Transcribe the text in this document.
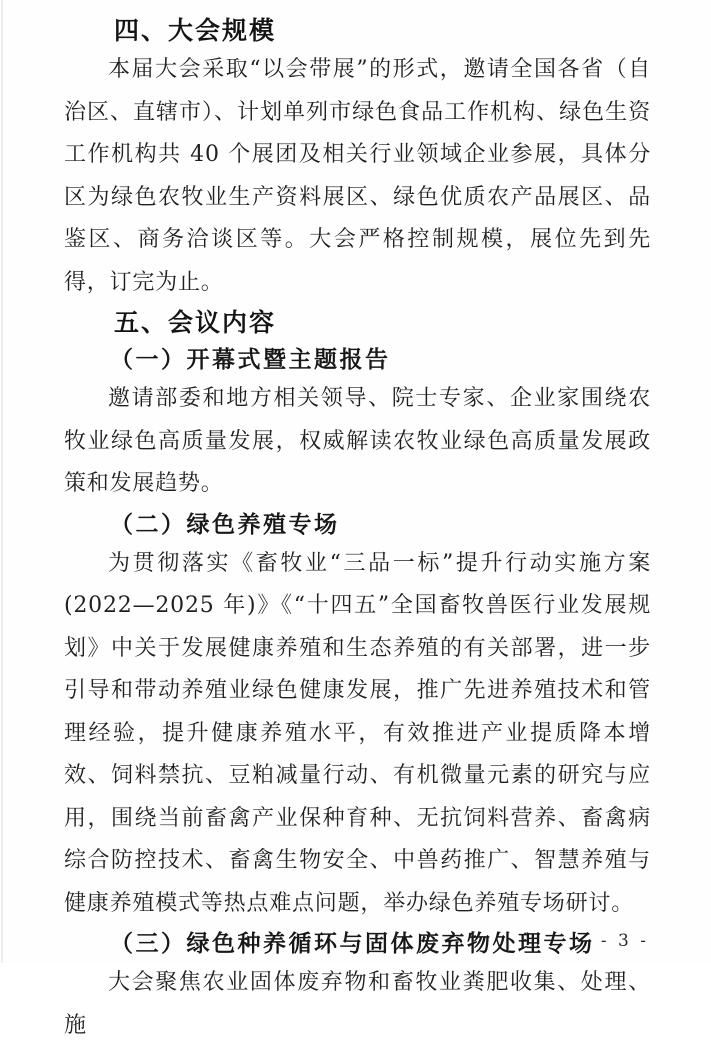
四、大会规模

本届大会采取“以会带展”的形式，邀请全国各省（自治区、直辖市）、计划单列市绿色食品工作机构、绿色生资工作机构共 40 个展团及相关行业领域企业参展，具体分区为绿色农牧业生产资料展区、绿色优质农产品展区、品鉴区、商务洽谈区等。大会严格控制规模，展位先到先得，订完为止。

五、会议内容
（一）开幕式暨主题报告

邀请部委和地方相关领导、院士专家、企业家围绕农牧业绿色高质量发展，权威解读农牧业绿色高质量发展政策和发展趋势。

（二）绿色养殖专场

为贯彻落实《畜牧业“三品一标”提升行动实施方案(2022—2025 年)》《“十四五”全国畜牧兽医行业发展规划》中关于发展健康养殖和生态养殖的有关部署，进一步引导和带动养殖业绿色健康发展，推广先进养殖技术和管理经验，提升健康养殖水平，有效推进产业提质降本增效、饲料禁抗、豆粕减量行动、有机微量元素的研究与应用，围绕当前畜禽产业保种育种、无抗饲料营养、畜禽病综合防控技术、畜禽生物安全、中兽药推广、智慧养殖与健康养殖模式等热点难点问题，举办绿色养殖专场研讨。

（三）绿色种养循环与固体废弃物处理专场

大会聚焦农业固体废弃物和畜牧业粪肥收集、处理、施

- 3 -
